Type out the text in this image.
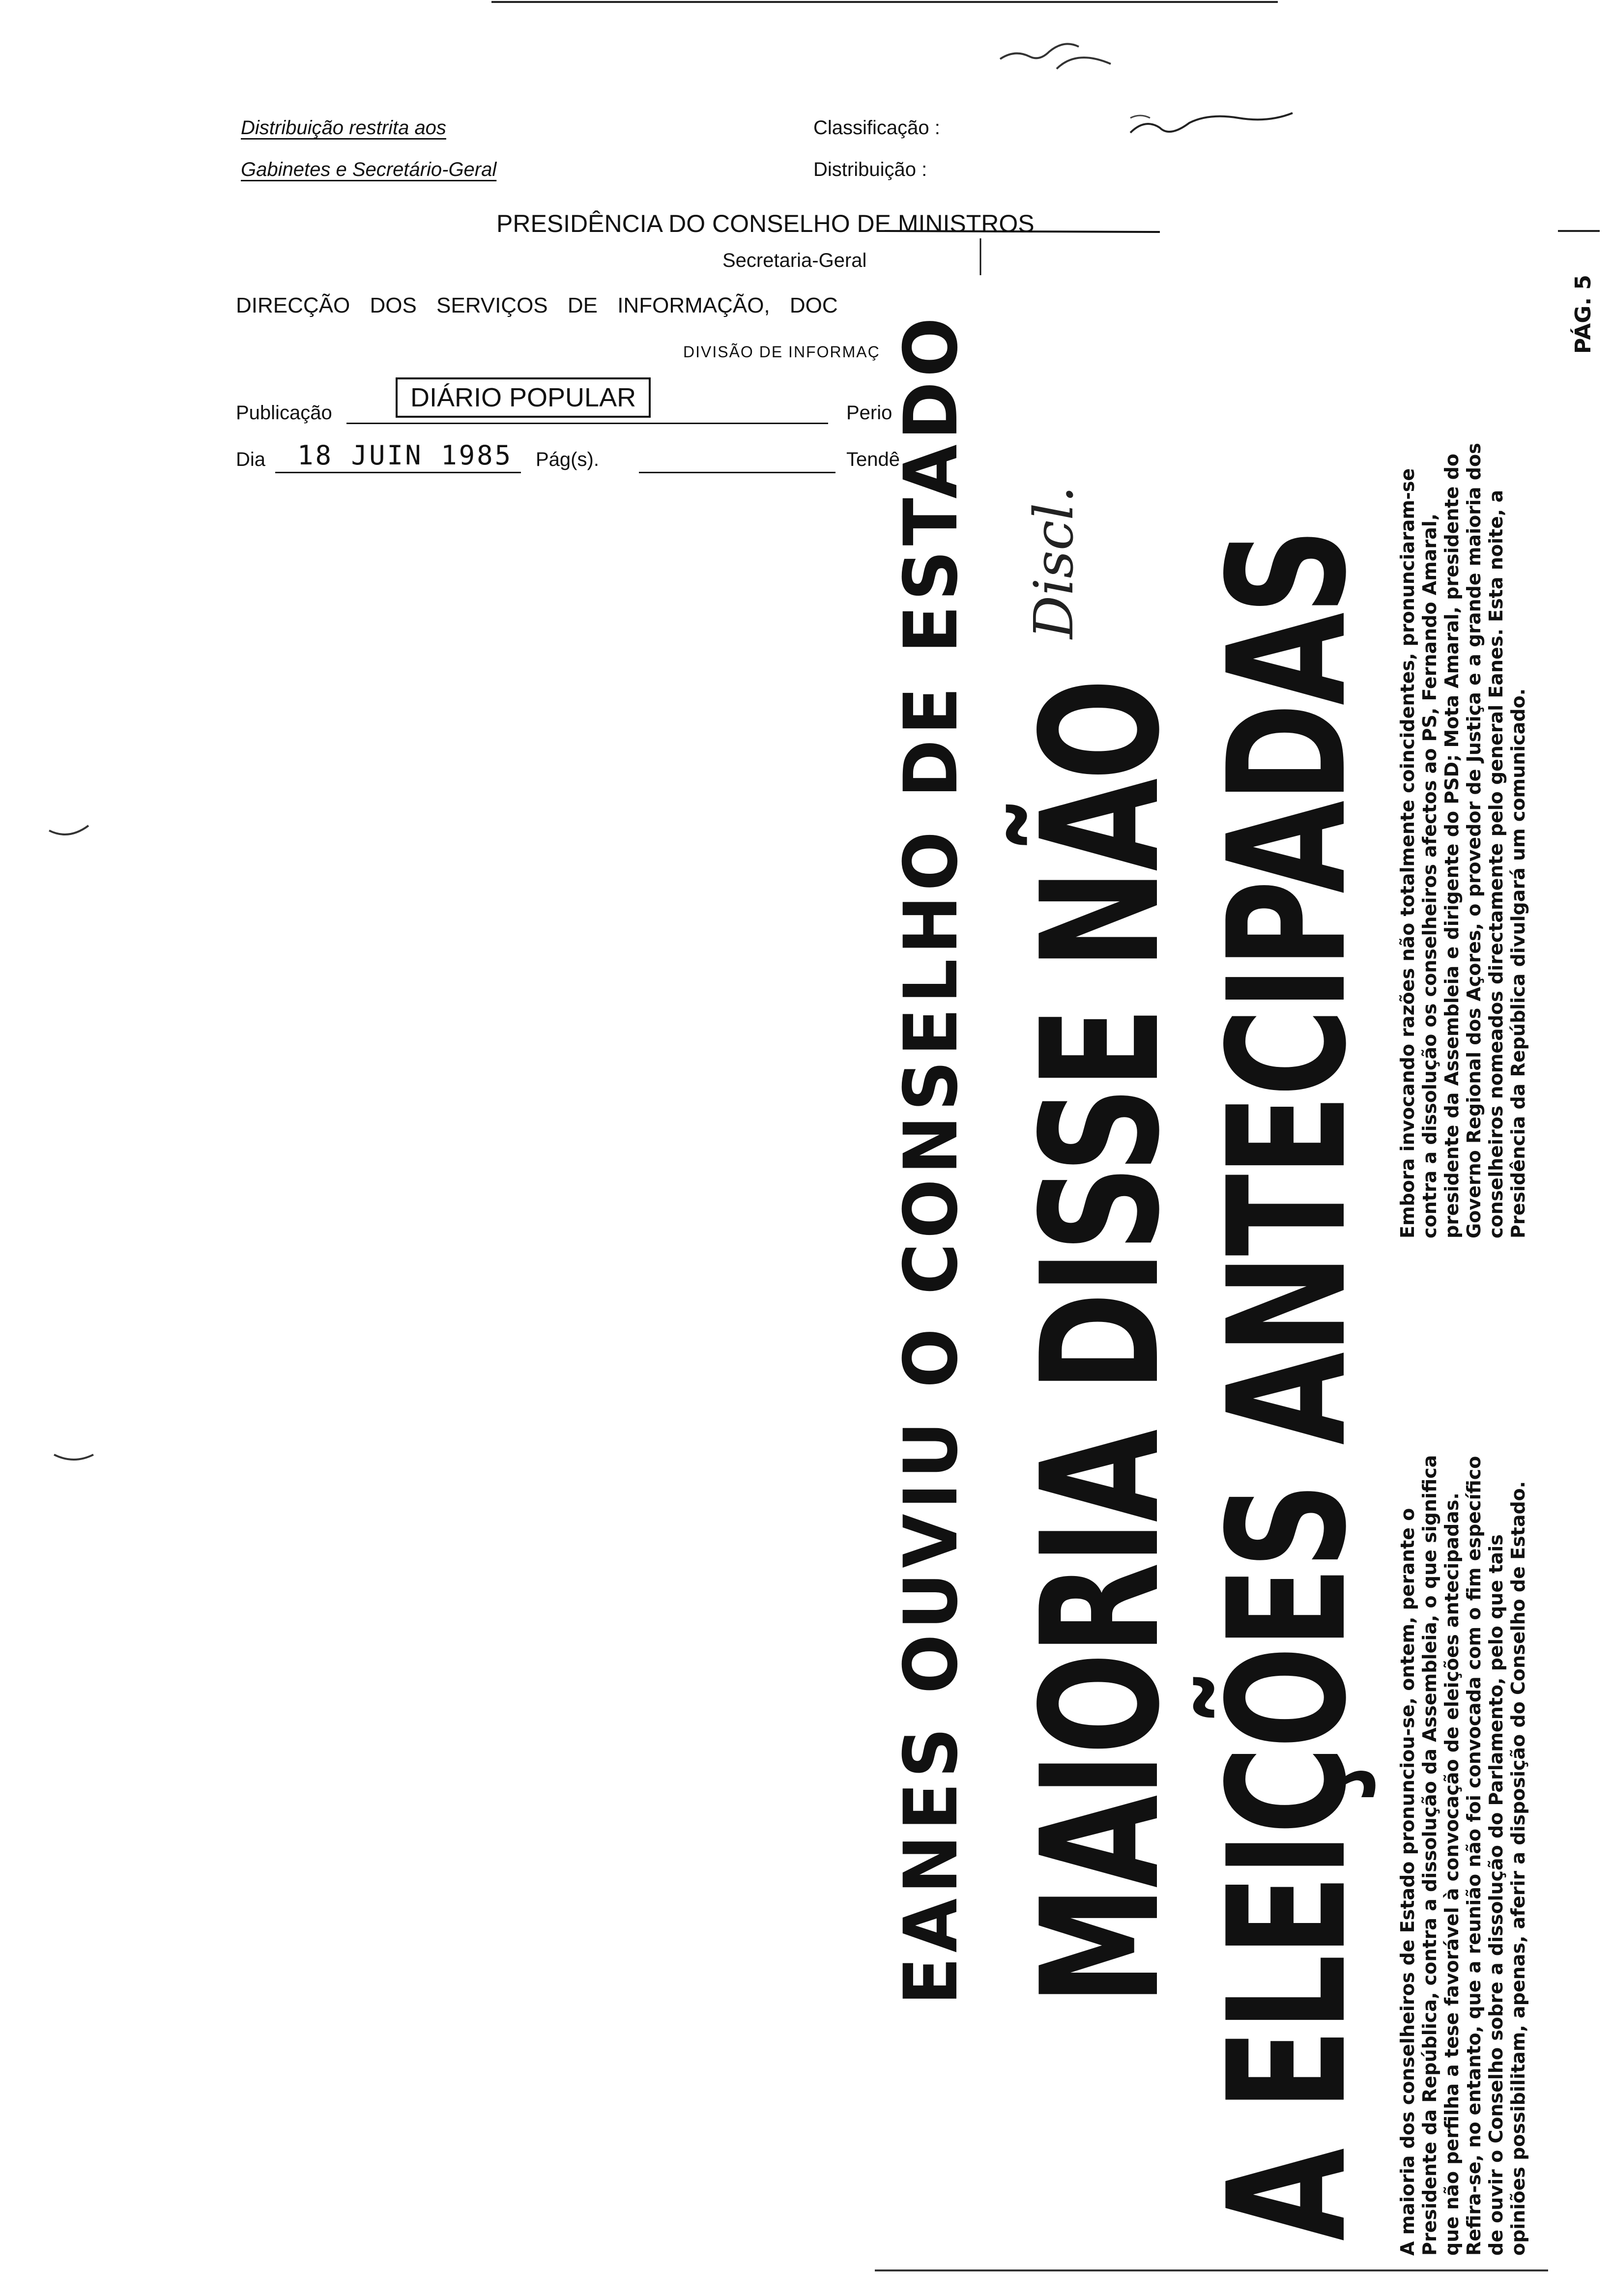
Distribuição restrita aos
Gabinetes e Secretário-Geral
Classificação :
Distribuição :
PRESIDÊNCIA DO CONSELHO DE MINISTROS
Secretaria-Geral
DIRECÇÃO DOS SERVIÇOS DE INFORMAÇÃO, DOC
DIVISÃO DE INFORMAÇ
Publicação
DIÁRIO POPULAR
Perio
Dia 18 JUIN 1985 Pág(s).	Tendê
EANES OUVIU O CONSELHO DE ESTADO MAIORIA DISSE NÃO
A ELEIÇÕES ANTECIPADAS
Discl.
A maioria dos conselheiros de Estado pronunciou-se, ontem, perante o Presidente da República, contra a dissolução da Assembleia, o que significa que não perfilha a tese favorável à convocação de eleições antecipadas. Refira-se, no entanto, que a reunião não foi convocada com o fim específico de ouvir o Conselho sobre a dissolução do Parlamento, pelo que tais opiniões possibilitam, apenas, aferir a disposição do Conselho de Estado.
Embora invocando razões não totalmente coincidentes, pronunciaram-se contra a dissolução os conselheiros afectos ao PS, Fernando Amaral, presidente da Assembleia e dirigente do PSD; Mota Amaral, presidente do Governo Regional dos Açores, o provedor de Justiça e a grande maioria dos conselheiros nomeados directamente pelo general Eanes. Esta noite, a Presidência da República divulgará um comunicado.
PÁG. 5
